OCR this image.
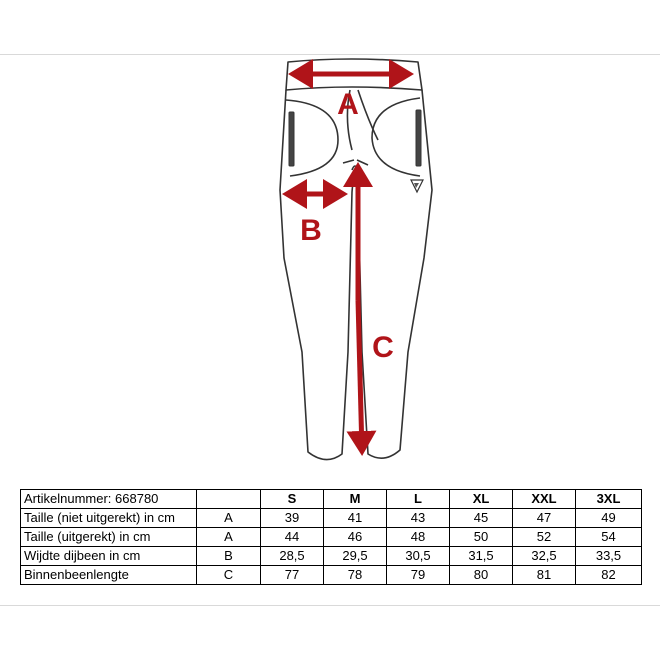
A
B
C
Artikelnummer: 668780		S	M	L	XL	XXL	3XL
Taille (niet uitgerekt) in cm	A	39	41	43	45	47	49
Taille (uitgerekt) in cm	A	44	46	48	50	52	54
Wijdte dijbeen in cm	B	28,5	29,5	30,5	31,5	32,5	33,5
Binnenbeenlengte	C	77	78	79	80	81	82
